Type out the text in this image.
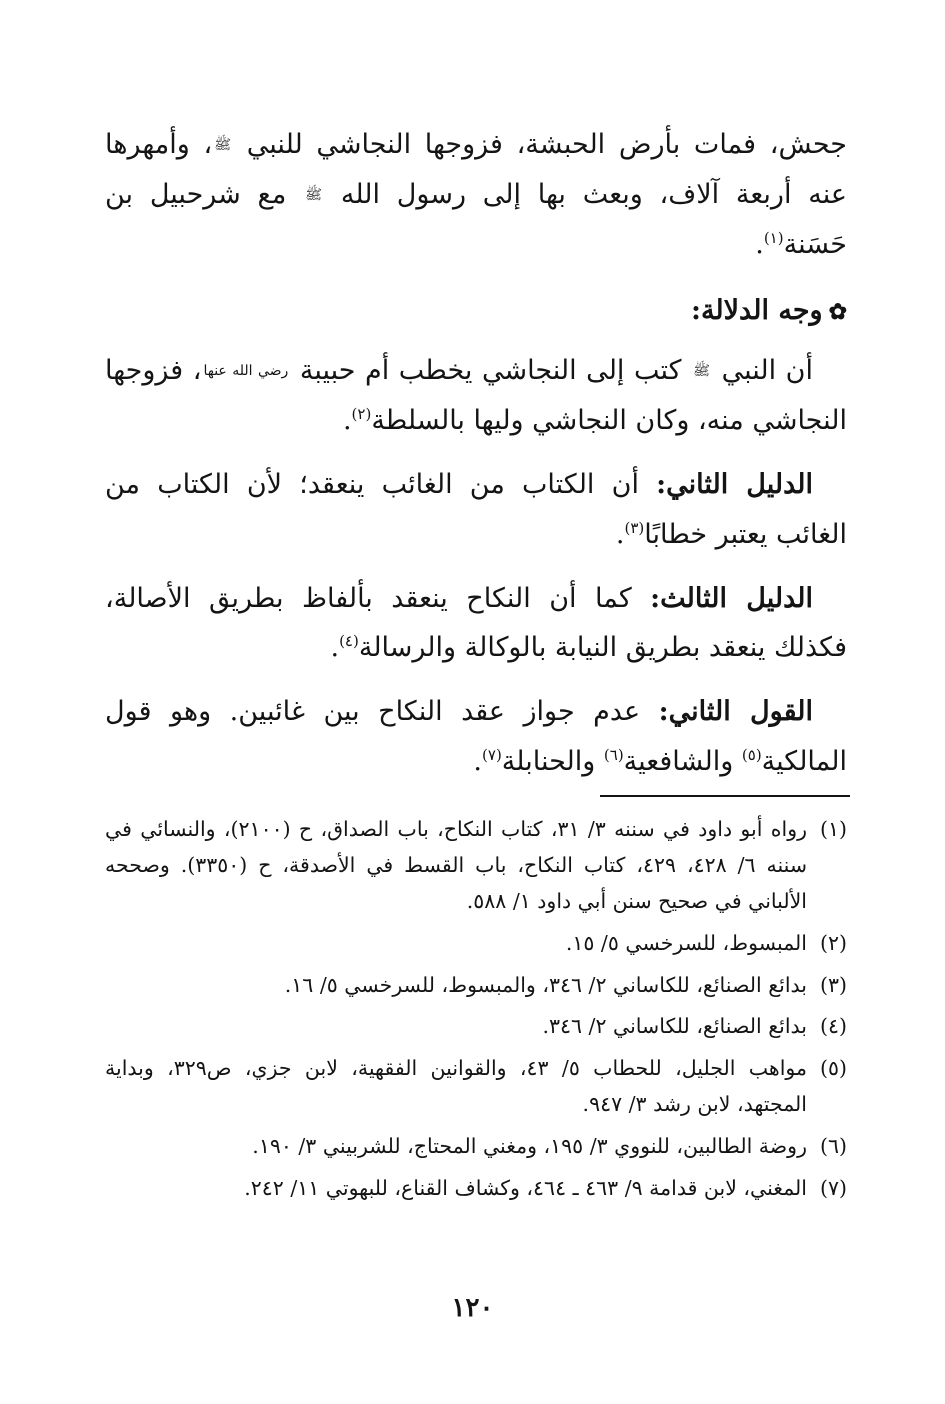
جحش، فمات بأرض الحبشة، فزوجها النجاشي للنبي ﷺ، وأمهرها عنه أربعة آلاف، وبعث بها إلى رسول الله ﷺ مع شرحبيل بن حَسَنة$^{(١)}$.

✿وجه الدلالة:

أن النبي ﷺ كتب إلى النجاشي يخطب أم حبيبة رضي الله عنها، فزوجها النجاشي منه، وكان النجاشي وليها بالسلطة$^{(٢)}$.

الدليل الثاني: أن الكتاب من الغائب ينعقد؛ لأن الكتاب من الغائب يعتبر خطابًا$^{(٣)}$.

الدليل الثالث: كما أن النكاح ينعقد بألفاظ بطريق الأصالة، فكذلك ينعقد بطريق النيابة بالوكالة والرسالة$^{(٤)}$.

القول الثاني: عدم جواز عقد النكاح بين غائبين. وهو قول المالكية$^{(٥)}$ والشافعية$^{(٦)}$ والحنابلة$^{(٧)}$.

(١)
رواه أبو داود في سننه ٣/ ٣١، كتاب النكاح، باب الصداق، ح (٢١٠٠)، والنسائي في سننه ٦/ ٤٢٨، ٤٢٩، كتاب النكاح، باب القسط في الأصدقة، ح (٣٣٥٠). وصححه الألباني في صحيح سنن أبي داود ١/ ٥٨٨.
(٢)
المبسوط، للسرخسي ٥/ ١٥.
(٣)
بدائع الصنائع، للكاساني ٢/ ٣٤٦، والمبسوط، للسرخسي ٥/ ١٦.
(٤)
بدائع الصنائع، للكاساني ٢/ ٣٤٦.
(٥)
مواهب الجليل، للحطاب ٥/ ٤٣، والقوانين الفقهية، لابن جزي، ص٣٢٩، وبداية المجتهد، لابن رشد ٣/ ٩٤٧.
(٦)
روضة الطالبين، للنووي ٣/ ١٩٥، ومغني المحتاج، للشربيني ٣/ ١٩٠.
(٧)
المغني، لابن قدامة ٩/ ٤٦٣ ـ ٤٦٤، وكشاف القناع، للبهوتي ١١/ ٢٤٢.
١٢٠
